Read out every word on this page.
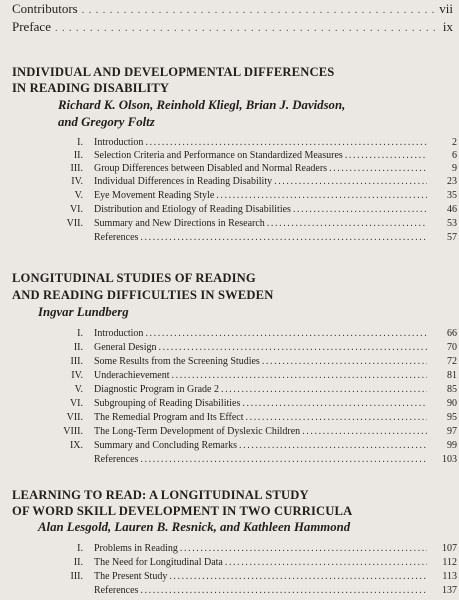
Contributors . . .	vii
Preface . . .	ix
INDIVIDUAL AND DEVELOPMENTAL DIFFERENCES
IN READING DISABILITY
Richard K. Olson, Reinhold Kliegl, Brian J. Davidson,
and Gregory Foltz
I. Introduction .....	2
II. Selection Criteria and Performance on Standardized Measures .....	6
III. Group Differences between Disabled and Normal Readers .....	9
IV. Individual Differences in Reading Disability .....	23
V. Eye Movement Reading Style .....	35
VI. Distribution and Etiology of Reading Disabilities .....	46
VII. Summary and New Directions in Research .....	53
References .....	57
LONGITUDINAL STUDIES OF READING
AND READING DIFFICULTIES IN SWEDEN
Ingvar Lundberg
I. Introduction .....	66
II. General Design .....	70
III. Some Results from the Screening Studies .....	72
IV. Underachievement .....	81
V. Diagnostic Program in Grade 2 .....	85
VI. Subgrouping of Reading Disabilities .....	90
VII. The Remedial Program and Its Effect .....	95
VIII. The Long-Term Development of Dyslexic Children .....	97
IX. Summary and Concluding Remarks .....	99
References .....	103
LEARNING TO READ: A LONGITUDINAL STUDY
OF WORD SKILL DEVELOPMENT IN TWO CURRICULA
Alan Lesgold, Lauren B. Resnick, and Kathleen Hammond
I. Problems in Reading .....	107
II. The Need for Longitudinal Data .....	112
III. The Present Study .....	113
References .....	137
